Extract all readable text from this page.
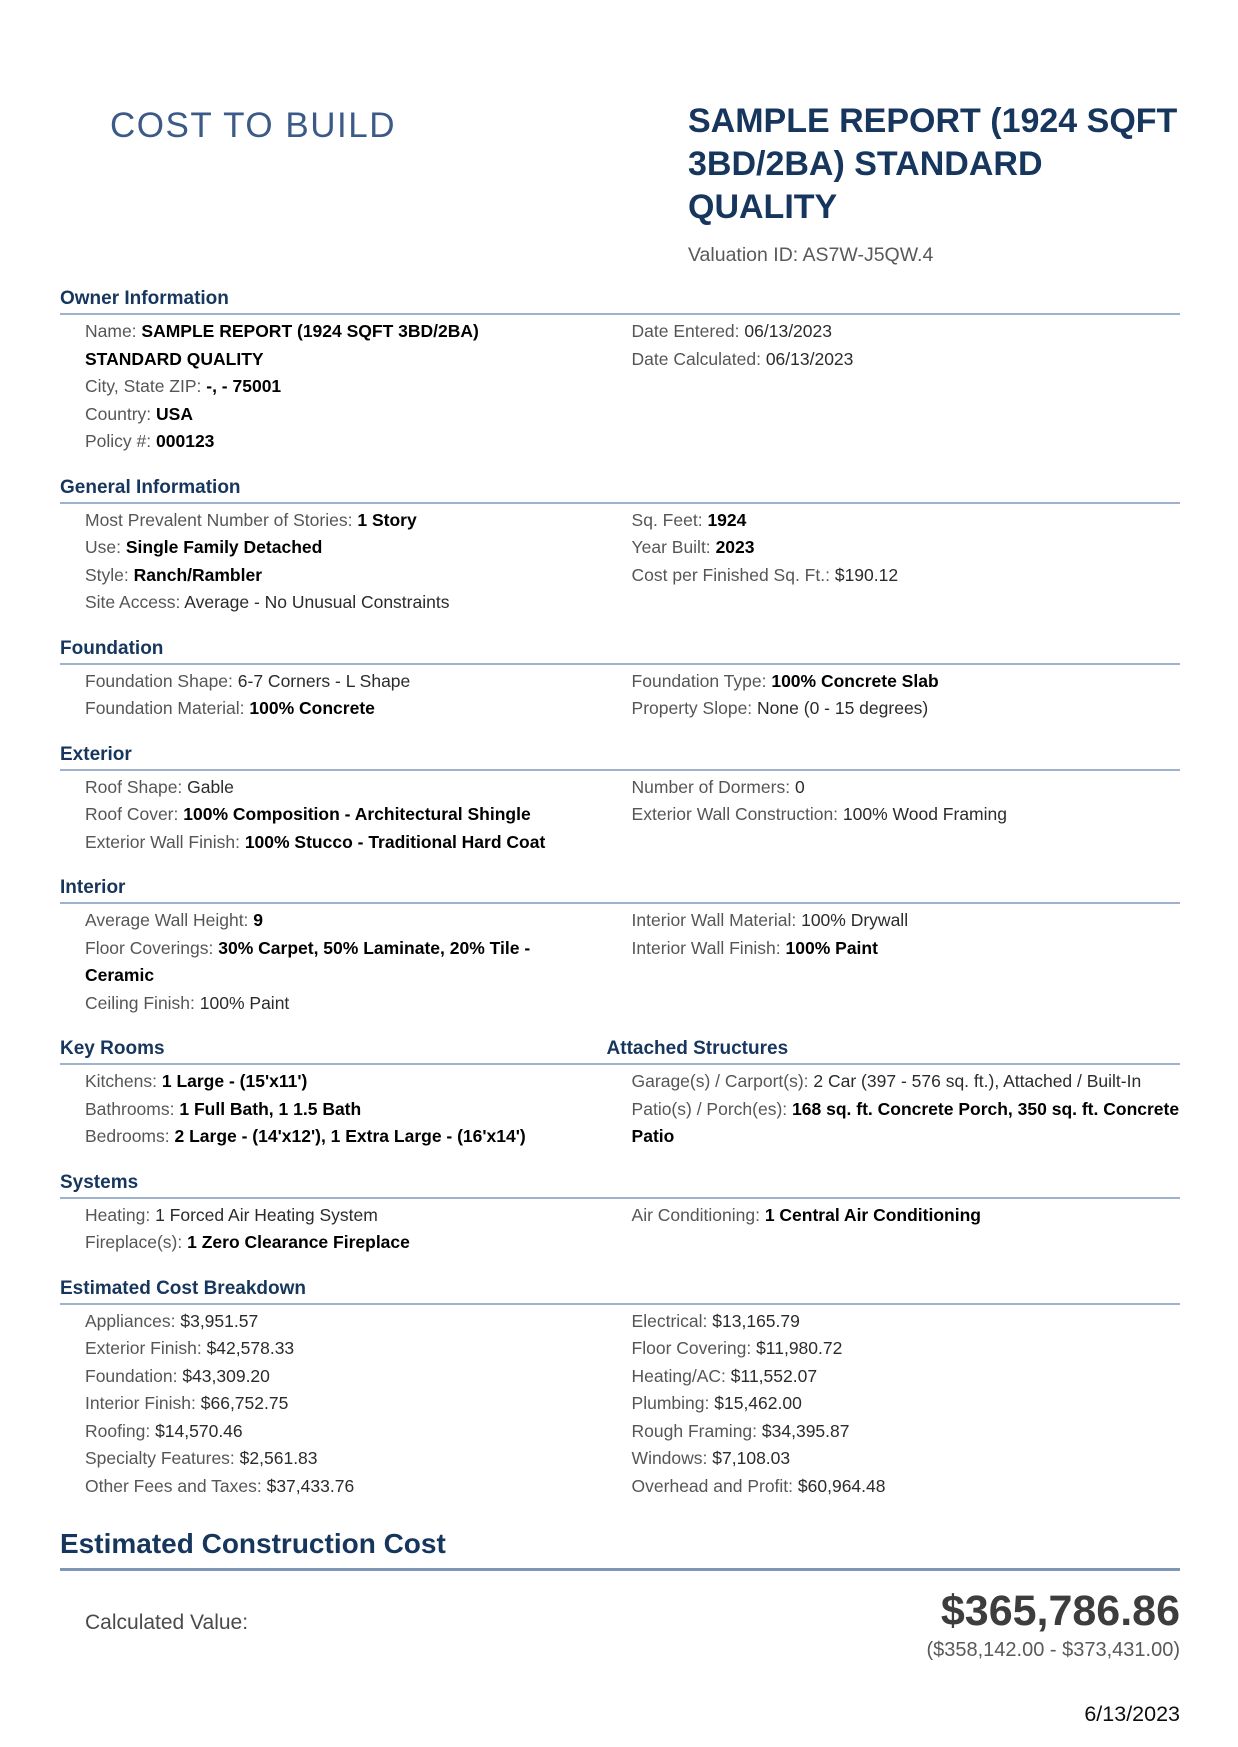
COST TO BUILD	SAMPLE REPORT (1924 SQFT 3BD/2BA) STANDARD QUALITY
Valuation ID: AS7W-J5QW.4
Owner Information

Name: SAMPLE REPORT (1924 SQFT 3BD/2BA) STANDARD QUALITY

City, State ZIP: -, - 75001

Country: USA

Policy #: 000123

Date Entered: 06/13/2023

Date Calculated: 06/13/2023

General Information

Most Prevalent Number of Stories: 1 Story

Use: Single Family Detached

Style: Ranch/Rambler

Site Access: Average - No Unusual Constraints

Sq. Feet: 1924

Year Built: 2023

Cost per Finished Sq. Ft.: $190.12

Foundation

Foundation Shape: 6-7 Corners - L Shape

Foundation Material: 100% Concrete

Foundation Type: 100% Concrete Slab

Property Slope: None (0 - 15 degrees)

Exterior

Roof Shape: Gable

Roof Cover: 100% Composition - Architectural Shingle

Exterior Wall Finish: 100% Stucco - Traditional Hard Coat

Number of Dormers: 0

Exterior Wall Construction: 100% Wood Framing

Interior

Average Wall Height: 9

Floor Coverings: 30% Carpet, 50% Laminate, 20% Tile - Ceramic

Ceiling Finish: 100% Paint

Interior Wall Material: 100% Drywall

Interior Wall Finish: 100% Paint

Key Rooms	Attached Structures

Kitchens: 1 Large - (15'x11')

Bathrooms: 1 Full Bath, 1 1.5 Bath

Bedrooms: 2 Large - (14'x12'), 1 Extra Large - (16'x14')

Garage(s) / Carport(s): 2 Car (397 - 576 sq. ft.), Attached / Built-In

Patio(s) / Porch(es): 168 sq. ft. Concrete Porch, 350 sq. ft. Concrete Patio

Systems

Heating: 1 Forced Air Heating System

Fireplace(s): 1 Zero Clearance Fireplace

Air Conditioning: 1 Central Air Conditioning

Estimated Cost Breakdown

Appliances: $3,951.57

Exterior Finish: $42,578.33

Foundation: $43,309.20

Interior Finish: $66,752.75

Roofing: $14,570.46

Specialty Features: $2,561.83

Other Fees and Taxes: $37,433.76

Electrical: $13,165.79

Floor Covering: $11,980.72

Heating/AC: $11,552.07

Plumbing: $15,462.00

Rough Framing: $34,395.87

Windows: $7,108.03

Overhead and Profit: $60,964.48

Estimated Construction Cost
Calculated Value:	$365,786.86
($358,142.00 - $373,431.00)
6/13/2023
